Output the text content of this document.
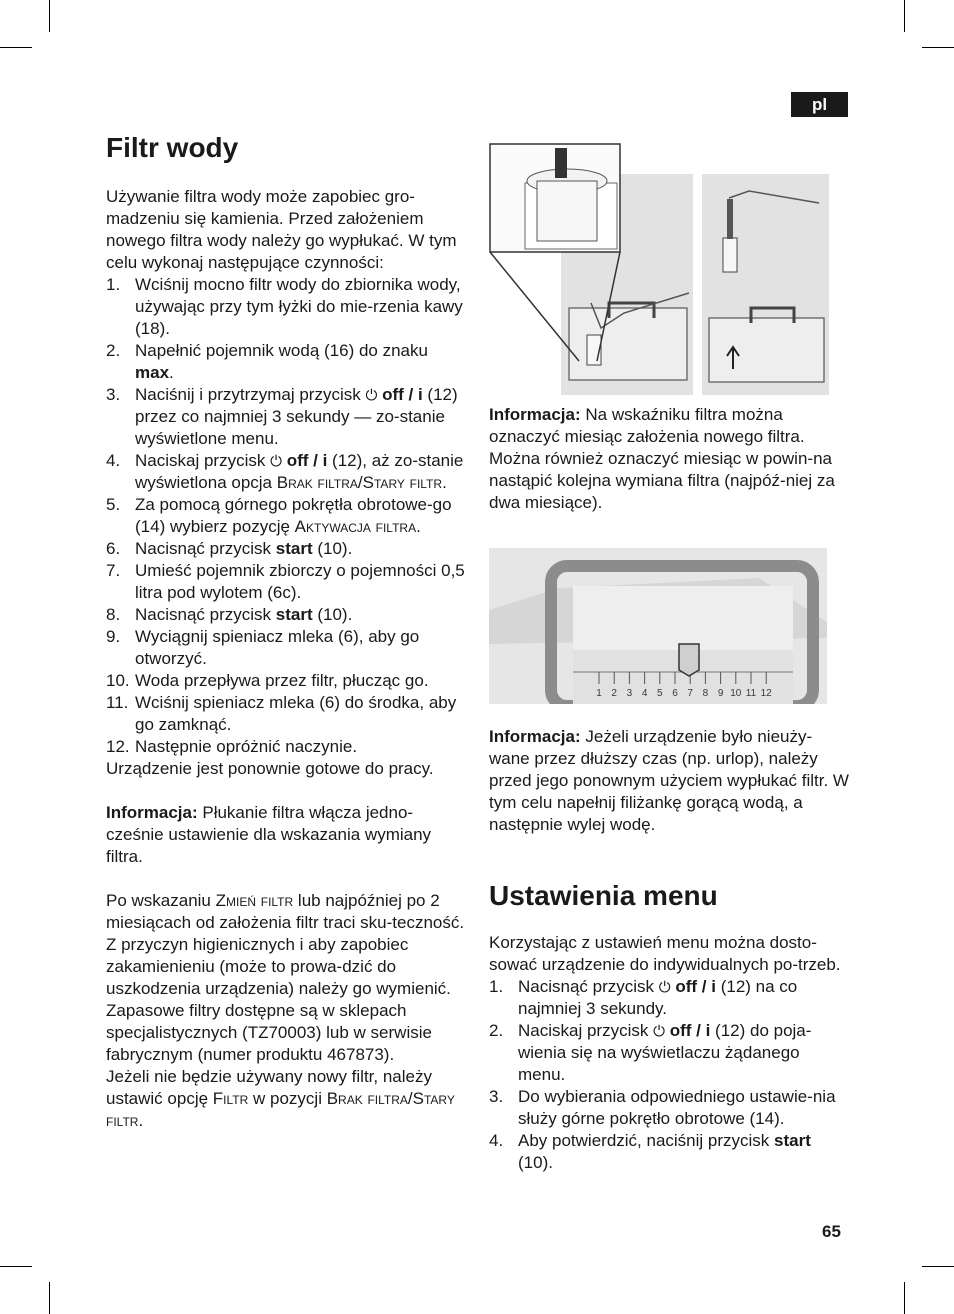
pl
Filtr wody

Używanie filtra wody może zapobiec gro-madzeniu się kamienia. Przed założeniem nowego filtra wody należy go wypłukać. W tym celu wykonaj następujące czynności:

1. Wciśnij mocno filtr wody do zbiornika wody, używając przy tym łyżki do mie-rzenia kawy (18).
2. Napełnić pojemnik wodą (16) do znaku max.
3. Naciśnij i przytrzymaj przycisk ⏻ off / i (12) przez co najmniej 3 sekundy — zo-stanie wyświetlone menu.
4. Naciskaj przycisk ⏻ off / i (12), aż zo-stanie wyświetlona opcja Brak filtra/Stary filtr.
5. Za pomocą górnego pokrętła obrotowe-go (14) wybierz pozycję Aktywacja filtra.
6. Nacisnąć przycisk start (10).
7. Umieść pojemnik zbiorczy o pojemności 0,5 litra pod wylotem (6c).
8. Nacisnąć przycisk start (10).
9. Wyciągnij spieniacz mleka (6), aby go otworzyć.
10. Woda przepływa przez filtr, płucząc go.
11. Wciśnij spieniacz mleka (6) do środka, aby go zamknąć.
12. Następnie opróżnić naczynie.

Urządzenie jest ponownie gotowe do pracy.

Informacja: Płukanie filtra włącza jedno-cześnie ustawienie dla wskazania wymiany filtra.

Po wskazaniu Zmień filtr lub najpóźniej po 2 miesiącach od założenia filtr traci sku-teczność. Z przyczyn higienicznych i aby zapobiec zakamienieniu (może to prowa-dzić do uszkodzenia urządzenia) należy go wymienić.

Zapasowe filtry dostępne są w sklepach specjalistycznych (TZ70003) lub w serwisie fabrycznym (numer produktu 467873).

Jeżeli nie będzie używany nowy filtr, należy ustawić opcję Filtr w pozycji Brak filtra/Stary filtr.

Informacja: Na wskaźniku filtra można oznaczyć miesiąc założenia nowego filtra. Można również oznaczyć miesiąc w powin-na nastąpić kolejna wymiana filtra (najpóź-niej za dwa miesiące).

1 2 3 4 5 6 7 8 9 10 11 12

Informacja: Jeżeli urządzenie było nieuży-wane przez dłuższy czas (np. urlop), należy przed jego ponownym użyciem wypłukać filtr. W tym celu napełnij filiżankę gorącą wodą, a następnie wylej wodę.

Ustawienia menu

Korzystając z ustawień menu można dosto-sować urządzenie do indywidualnych po-trzeb.

1. Nacisnąć przycisk ⏻ off / i (12) na co najmniej 3 sekundy.
2. Naciskaj przycisk ⏻ off / i (12) do poja-wienia się na wyświetlaczu żądanego menu.
3. Do wybierania odpowiedniego ustawie-nia służy górne pokrętło obrotowe (14).
4. Aby potwierdzić, naciśnij przycisk start (10).
65
